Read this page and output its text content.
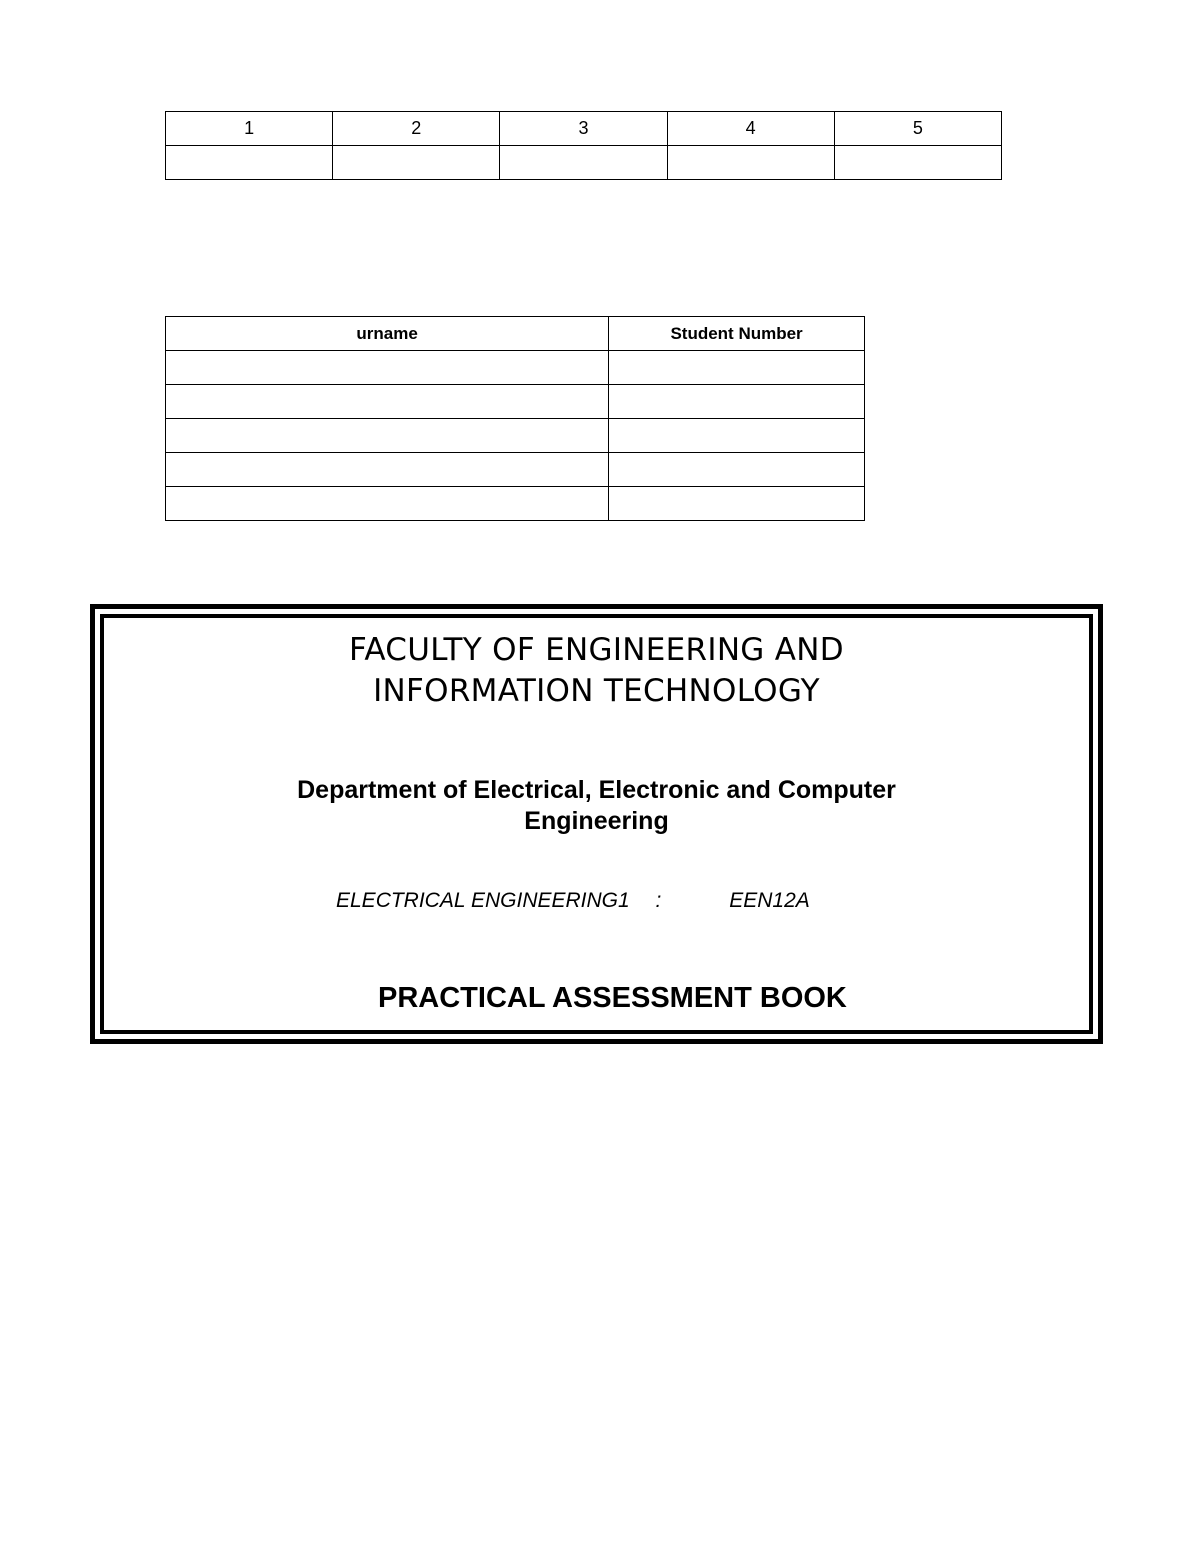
1	2	3	4	5

urname	Student Number

FACULTY OF ENGINEERING AND
INFORMATION TECHNOLOGY
Department of Electrical, Electronic and Computer
Engineering
ELECTRICAL ENGINEERING1 :	EEN12A
PRACTICAL ASSESSMENT BOOK
